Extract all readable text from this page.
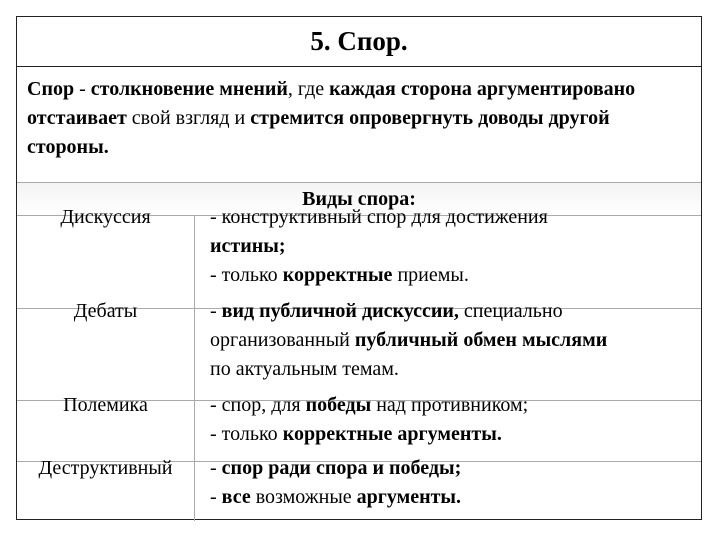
5. Спор.
Спор - столкновение мнений, где каждая сторона аргументировано отстаивает свой взгляд и стремится опровергнуть доводы другой стороны.
Виды спора:
Дискуссия	- конструктивный спор для достижения
истины;
- только корректные приемы.
Дебаты	- вид публичной дискуссии, специально
организованный публичный обмен мыслями
по актуальным темам.
Полемика	- спор, для победы над противником;
- только корректные аргументы.
Деструктивный	- спор ради спора и победы;
- все возможные аргументы.
